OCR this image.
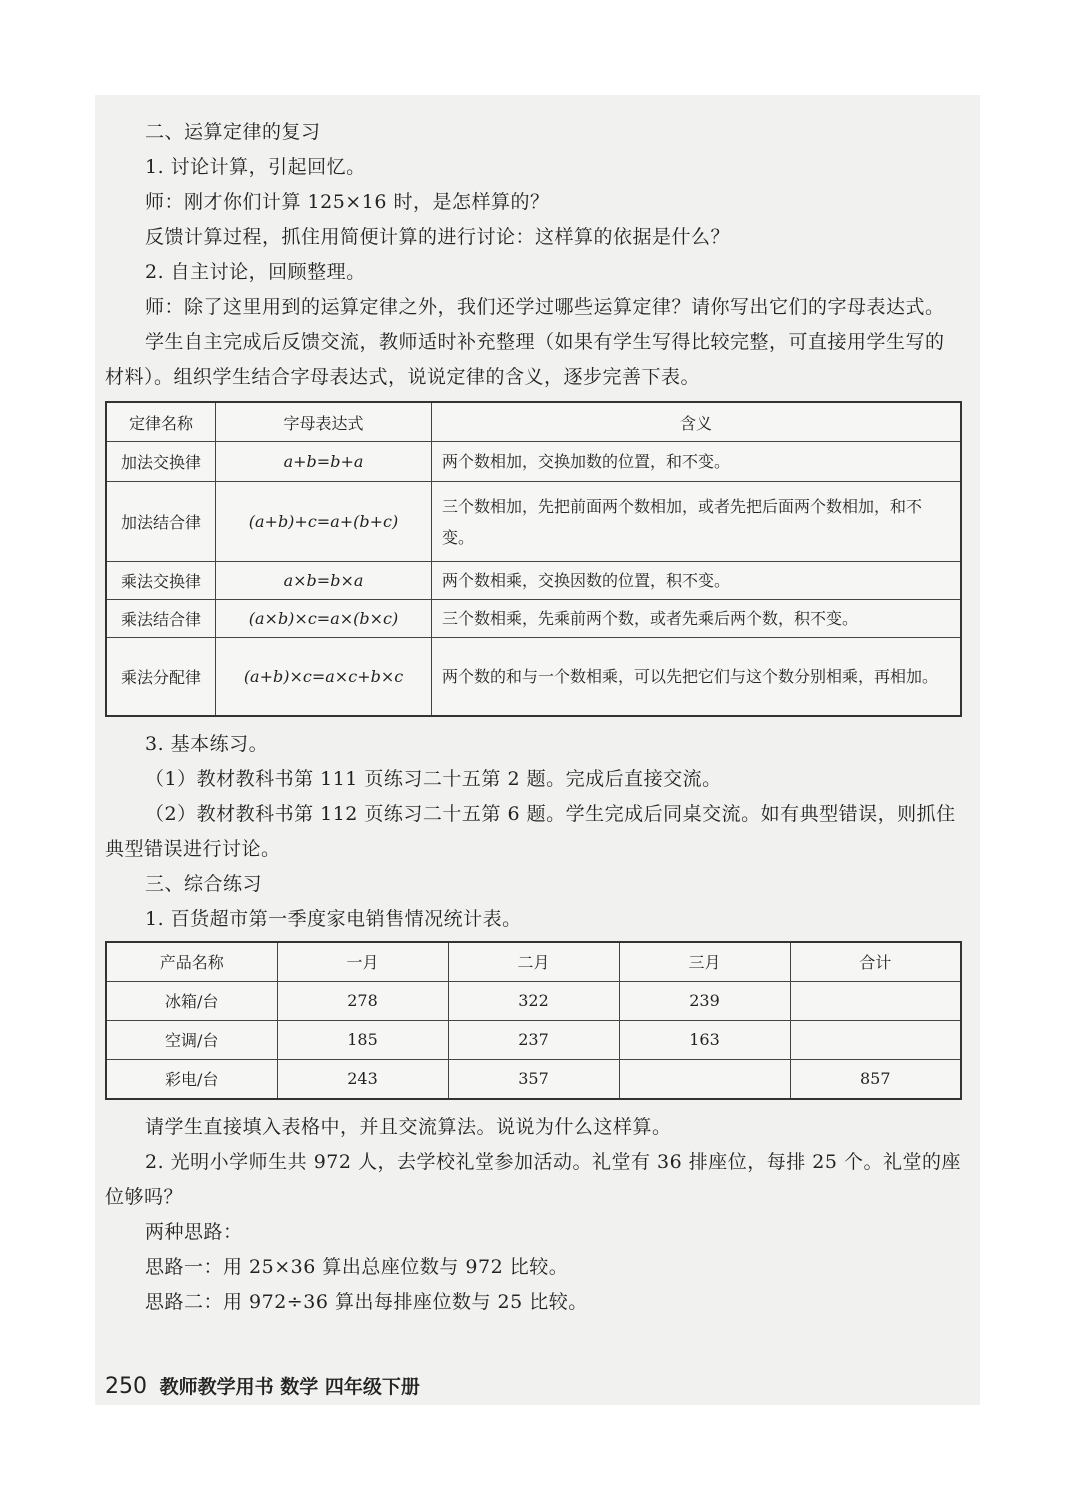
二、运算定律的复习

1. 讨论计算，引起回忆。

师：刚才你们计算 125×16 时，是怎样算的？

反馈计算过程，抓住用简便计算的进行讨论：这样算的依据是什么？

2. 自主讨论，回顾整理。

师：除了这里用到的运算定律之外，我们还学过哪些运算定律？请你写出它们的字母表达式。

学生自主完成后反馈交流，教师适时补充整理（如果有学生写得比较完整，可直接用学生写的材料）。组织学生结合字母表达式，说说定律的含义，逐步完善下表。

定律名称	字母表达式	含义
加法交换律	a+b=b+a	两个数相加，交换加数的位置，和不变。
加法结合律	(a+b)+c=a+(b+c)	三个数相加，先把前面两个数相加，或者先把后面两个数相加，和不变。
乘法交换律	a×b=b×a	两个数相乘，交换因数的位置，积不变。
乘法结合律	(a×b)×c=a×(b×c)	三个数相乘，先乘前两个数，或者先乘后两个数，积不变。
乘法分配律	(a+b)×c=a×c+b×c	两个数的和与一个数相乘，可以先把它们与这个数分别相乘，再相加。

3. 基本练习。

（1）教材教科书第 111 页练习二十五第 2 题。完成后直接交流。

（2）教材教科书第 112 页练习二十五第 6 题。学生完成后同桌交流。如有典型错误，则抓住典型错误进行讨论。

三、综合练习

1. 百货超市第一季度家电销售情况统计表。

产品名称	一月	二月	三月	合计
冰箱/台	278	322	239	
空调/台	185	237	163	
彩电/台	243	357		857

请学生直接填入表格中，并且交流算法。说说为什么这样算。

2. 光明小学师生共 972 人，去学校礼堂参加活动。礼堂有 36 排座位，每排 25 个。礼堂的座位够吗？

两种思路：

思路一：用 25×36 算出总座位数与 972 比较。

思路二：用 972÷36 算出每排座位数与 25 比较。

250 教师教学用书 数学 四年级下册
